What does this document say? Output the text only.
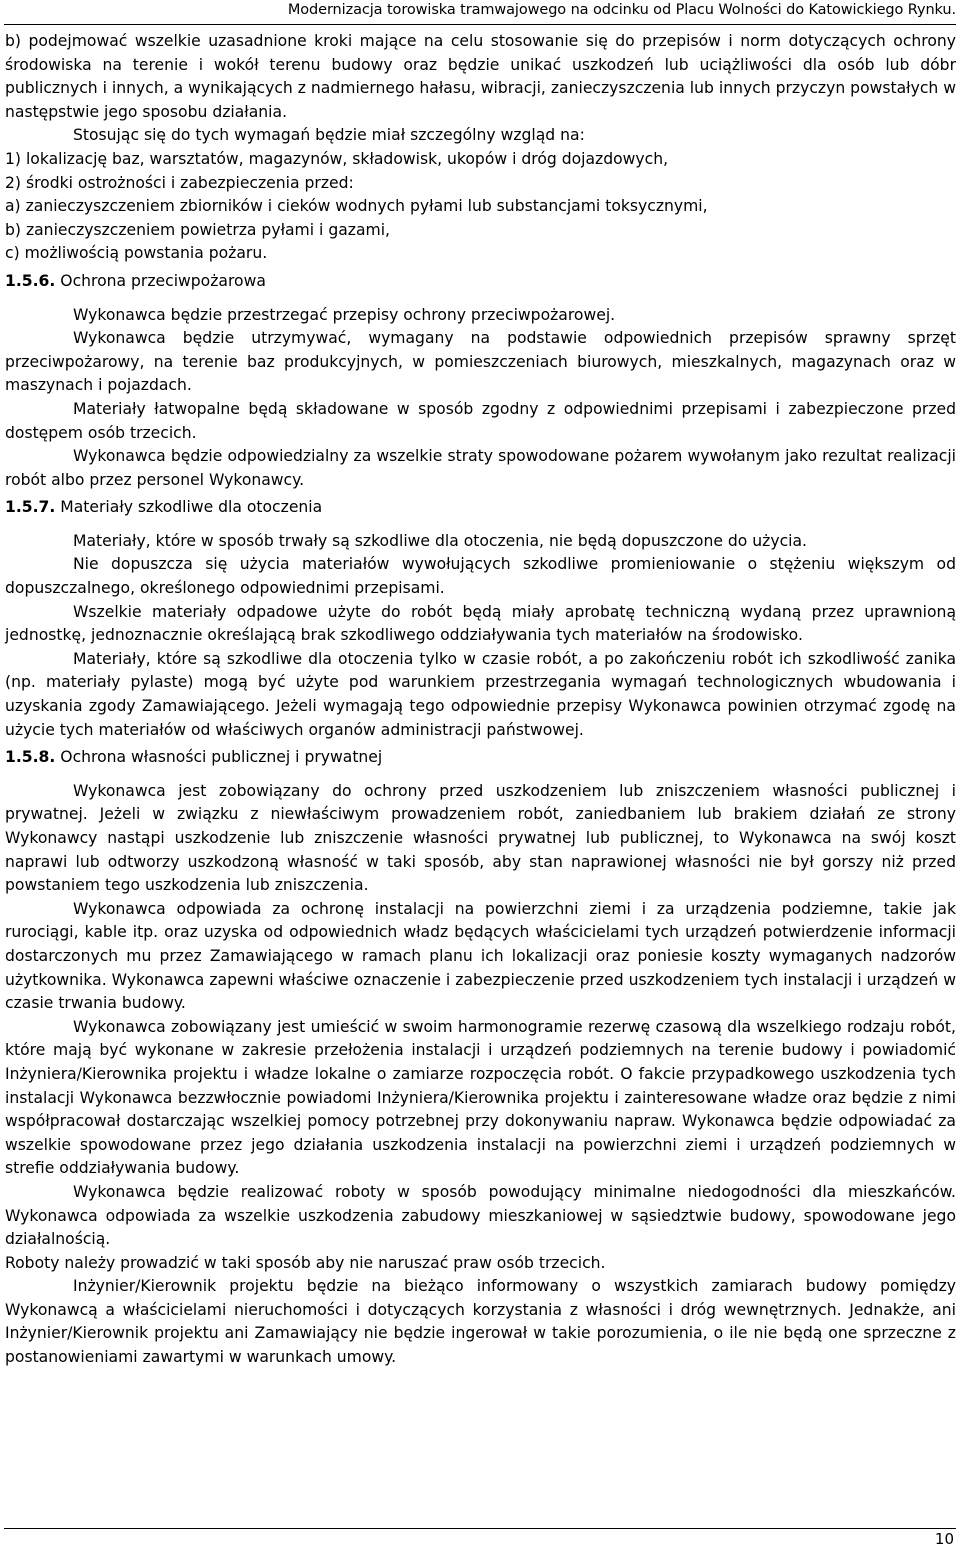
Modernizacja torowiska tramwajowego na odcinku od Placu Wolności do Katowickiego Rynku.

b) podejmować wszelkie uzasadnione kroki mające na celu stosowanie się do przepisów i norm dotyczących ochrony środowiska na terenie i wokół terenu budowy oraz będzie unikać uszkodzeń lub uciążliwości dla osób lub dóbr publicznych i innych, a wynikających z nadmiernego hałasu, wibracji, zanieczyszczenia lub innych przyczyn powstałych w następstwie jego sposobu działania.

Stosując się do tych wymagań będzie miał szczególny wzgląd na:

1) lokalizację baz, warsztatów, magazynów, składowisk, ukopów i dróg dojazdowych,

2) środki ostrożności i zabezpieczenia przed:

a) zanieczyszczeniem zbiorników i cieków wodnych pyłami lub substancjami toksycznymi,

b) zanieczyszczeniem powietrza pyłami i gazami,

c) możliwością powstania pożaru.

1.5.6. Ochrona przeciwpożarowa

Wykonawca będzie przestrzegać przepisy ochrony przeciwpożarowej.

Wykonawca będzie utrzymywać, wymagany na podstawie odpowiednich przepisów sprawny sprzęt przeciwpożarowy, na terenie baz produkcyjnych, w pomieszczeniach biurowych, mieszkalnych, magazynach oraz w maszynach i pojazdach.

Materiały łatwopalne będą składowane w sposób zgodny z odpowiednimi przepisami i zabezpieczone przed dostępem osób trzecich.

Wykonawca będzie odpowiedzialny za wszelkie straty spowodowane pożarem wywołanym jako rezultat realizacji robót albo przez personel Wykonawcy.

1.5.7. Materiały szkodliwe dla otoczenia

Materiały, które w sposób trwały są szkodliwe dla otoczenia, nie będą dopuszczone do użycia.

Nie dopuszcza się użycia materiałów wywołujących szkodliwe promieniowanie o stężeniu większym od dopuszczalnego, określonego odpowiednimi przepisami.

Wszelkie materiały odpadowe użyte do robót będą miały aprobatę techniczną wydaną przez uprawnioną jednostkę, jednoznacznie określającą brak szkodliwego oddziaływania tych materiałów na środowisko.

Materiały, które są szkodliwe dla otoczenia tylko w czasie robót, a po zakończeniu robót ich szkodliwość zanika (np. materiały pylaste) mogą być użyte pod warunkiem przestrzegania wymagań technologicznych wbudowania i uzyskania zgody Zamawiającego. Jeżeli wymagają tego odpowiednie przepisy Wykonawca powinien otrzymać zgodę na użycie tych materiałów od właściwych organów administracji państwowej.

1.5.8. Ochrona własności publicznej i prywatnej

Wykonawca jest zobowiązany do ochrony przed uszkodzeniem lub zniszczeniem własności publicznej i prywatnej. Jeżeli w związku z niewłaściwym prowadzeniem robót, zaniedbaniem lub brakiem działań ze strony Wykonawcy nastąpi uszkodzenie lub zniszczenie własności prywatnej lub publicznej, to Wykonawca na swój koszt naprawi lub odtworzy uszkodzoną własność w taki sposób, aby stan naprawionej własności nie był gorszy niż przed powstaniem tego uszkodzenia lub zniszczenia.

Wykonawca odpowiada za ochronę instalacji na powierzchni ziemi i za urządzenia podziemne, takie jak rurociągi, kable itp. oraz uzyska od odpowiednich władz będących właścicielami tych urządzeń potwierdzenie informacji dostarczonych mu przez Zamawiającego w ramach planu ich lokalizacji oraz poniesie koszty wymaganych nadzorów użytkownika. Wykonawca zapewni właściwe oznaczenie i zabezpieczenie przed uszkodzeniem tych instalacji i urządzeń w czasie trwania budowy.

Wykonawca zobowiązany jest umieścić w swoim harmonogramie rezerwę czasową dla wszelkiego rodzaju robót, które mają być wykonane w zakresie przełożenia instalacji i urządzeń podziemnych na terenie budowy i powiadomić Inżyniera/Kierownika projektu i władze lokalne o zamiarze rozpoczęcia robót. O fakcie przypadkowego uszkodzenia tych instalacji Wykonawca bezzwłocznie powiadomi Inżyniera/Kierownika projektu i zainteresowane władze oraz będzie z nimi współpracował dostarczając wszelkiej pomocy potrzebnej przy dokonywaniu napraw. Wykonawca będzie odpowiadać za wszelkie spowodowane przez jego działania uszkodzenia instalacji na powierzchni ziemi i urządzeń podziemnych w strefie oddziaływania budowy.

Wykonawca będzie realizować roboty w sposób powodujący minimalne niedogodności dla mieszkańców. Wykonawca odpowiada za wszelkie uszkodzenia zabudowy mieszkaniowej w sąsiedztwie budowy, spowodowane jego działalnością.

Roboty należy prowadzić w taki sposób aby nie naruszać praw osób trzecich.

Inżynier/Kierownik projektu będzie na bieżąco informowany o wszystkich zamiarach budowy pomiędzy Wykonawcą a właścicielami nieruchomości i dotyczących korzystania z własności i dróg wewnętrznych. Jednakże, ani Inżynier/Kierownik projektu ani Zamawiający nie będzie ingerował w takie porozumienia, o ile nie będą one sprzeczne z postanowieniami zawartymi w warunkach umowy.

10
